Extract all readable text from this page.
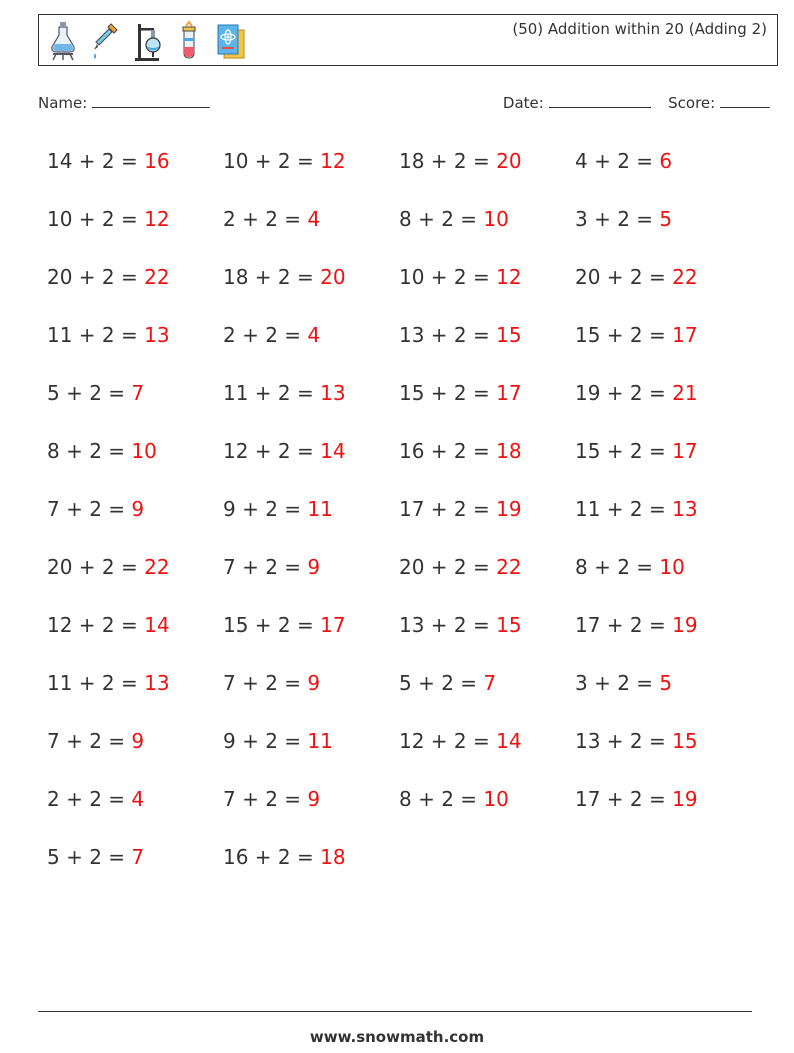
(50) Addition within 20 (Adding 2)
Name:	Date:	Score:
14 + 2 = 16	10 + 2 = 12	18 + 2 = 20	4 + 2 = 6
10 + 2 = 12	2 + 2 = 4	8 + 2 = 10	3 + 2 = 5
20 + 2 = 22	18 + 2 = 20	10 + 2 = 12	20 + 2 = 22
11 + 2 = 13	2 + 2 = 4	13 + 2 = 15	15 + 2 = 17
5 + 2 = 7	11 + 2 = 13	15 + 2 = 17	19 + 2 = 21
8 + 2 = 10	12 + 2 = 14	16 + 2 = 18	15 + 2 = 17
7 + 2 = 9	9 + 2 = 11	17 + 2 = 19	11 + 2 = 13
20 + 2 = 22	7 + 2 = 9	20 + 2 = 22	8 + 2 = 10
12 + 2 = 14	15 + 2 = 17	13 + 2 = 15	17 + 2 = 19
11 + 2 = 13	7 + 2 = 9	5 + 2 = 7	3 + 2 = 5
7 + 2 = 9	9 + 2 = 11	12 + 2 = 14	13 + 2 = 15
2 + 2 = 4	7 + 2 = 9	8 + 2 = 10	17 + 2 = 19
5 + 2 = 7	16 + 2 = 18
www.snowmath.com
